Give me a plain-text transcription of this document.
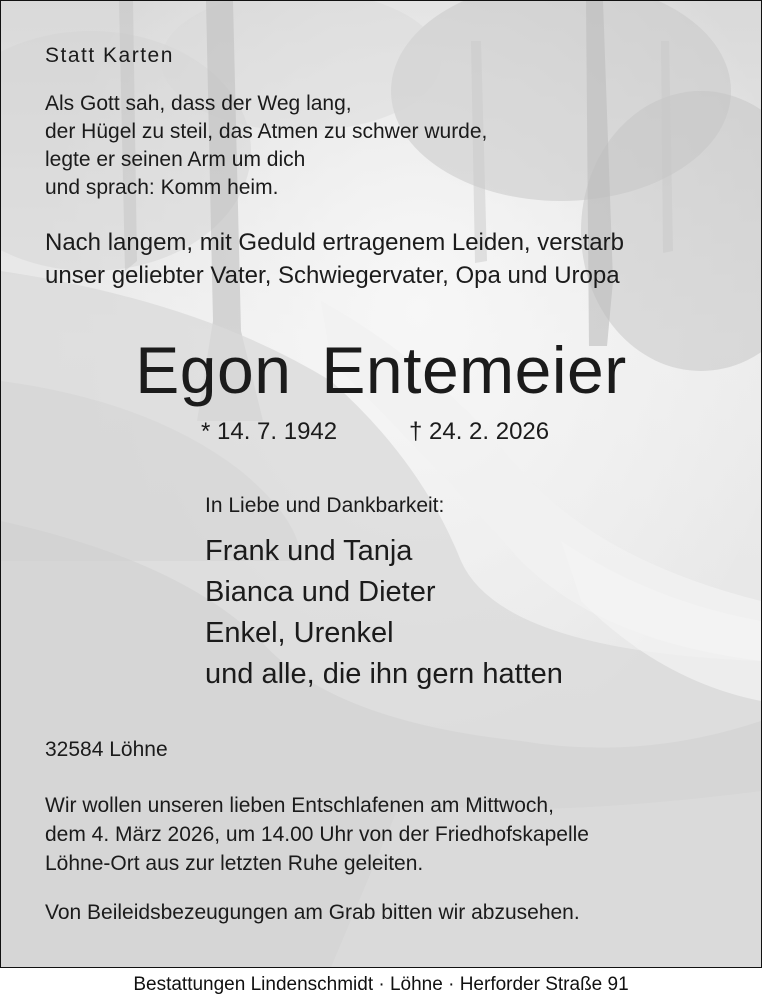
Statt Karten
Als Gott sah, dass der Weg lang,
der Hügel zu steil, das Atmen zu schwer wurde,
legte er seinen Arm um dich
und sprach: Komm heim.
Nach langem, mit Geduld ertragenem Leiden, verstarb
unser geliebter Vater, Schwiegervater, Opa und Uropa
Egon Entemeier
* 14. 7. 1942	† 24. 2. 2026
In Liebe und Dankbarkeit:
Frank und Tanja
Bianca und Dieter
Enkel, Urenkel
und alle, die ihn gern hatten
32584 Löhne
Wir wollen unseren lieben Entschlafenen am Mittwoch,
dem 4. März 2026, um 14.00 Uhr von der Friedhofskapelle
Löhne-Ort aus zur letzten Ruhe geleiten.
Von Beileidsbezeugungen am Grab bitten wir abzusehen.
Bestattungen Lindenschmidt · Löhne · Herforder Straße 91
